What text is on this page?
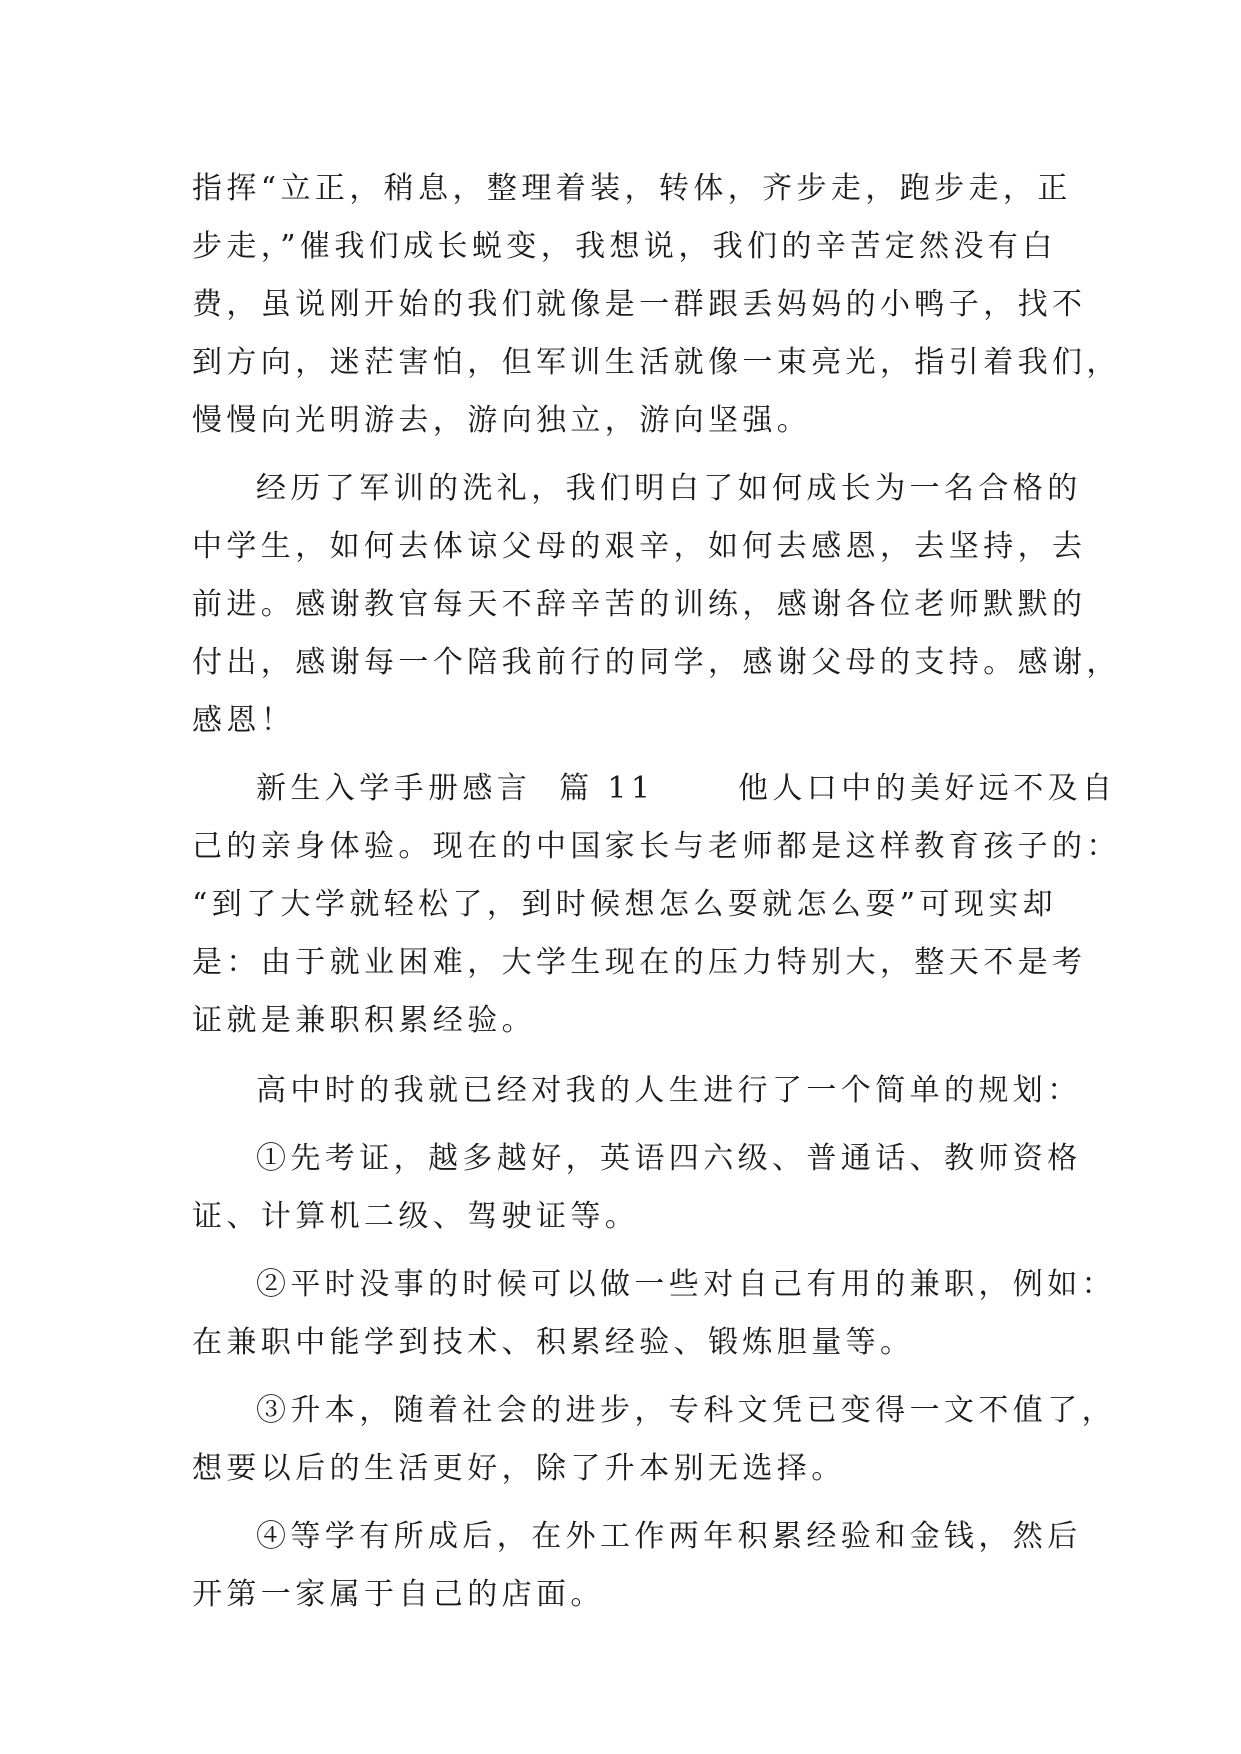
指挥“立正，稍息，整理着装，转体，齐步走，跑步走，正
步走，”催我们成长蜕变，我想说，我们的辛苦定然没有白
费，虽说刚开始的我们就像是一群跟丢妈妈的小鸭子，找不
到方向，迷茫害怕，但军训生活就像一束亮光，指引着我们，
慢慢向光明游去，游向独立，游向坚强。
经历了军训的洗礼，我们明白了如何成长为一名合格的
中学生，如何去体谅父母的艰辛，如何去感恩，去坚持，去
前进。感谢教官每天不辞辛苦的训练，感谢各位老师默默的
付出，感谢每一个陪我前行的同学，感谢父母的支持。感谢，
感恩！
新生入学手册感言  篇 11      他人口中的美好远不及自
己的亲身体验。现在的中国家长与老师都是这样教育孩子的：
“到了大学就轻松了，到时候想怎么耍就怎么耍”可现实却
是：由于就业困难，大学生现在的压力特别大，整天不是考
证就是兼职积累经验。
高中时的我就已经对我的人生进行了一个简单的规划：
①先考证，越多越好，英语四六级、普通话、教师资格
证、计算机二级、驾驶证等。
②平时没事的时候可以做一些对自己有用的兼职，例如：
在兼职中能学到技术、积累经验、锻炼胆量等。
③升本，随着社会的进步，专科文凭已变得一文不值了，
想要以后的生活更好，除了升本别无选择。
④等学有所成后，在外工作两年积累经验和金钱，然后
开第一家属于自己的店面。
